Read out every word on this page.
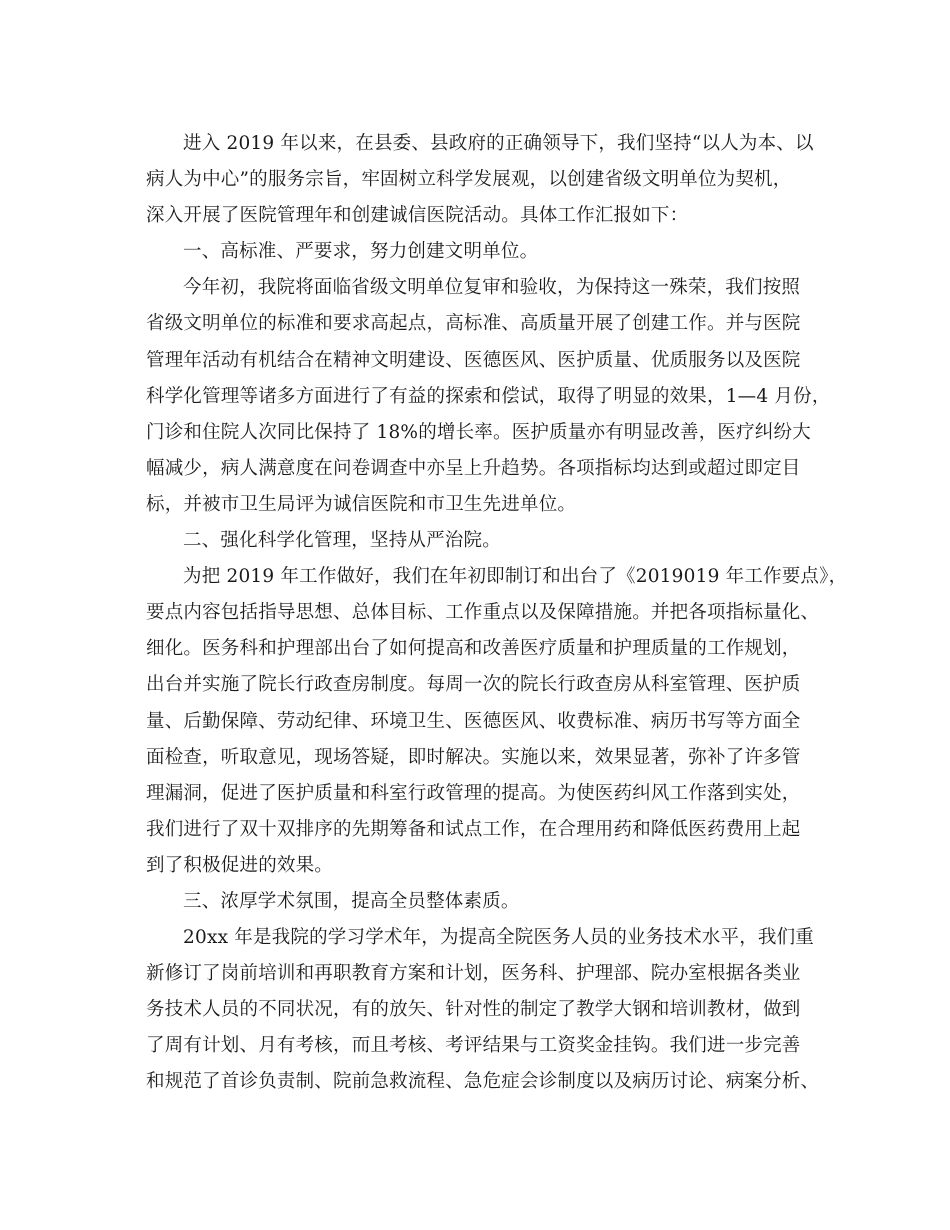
进入 2019 年以来，在县委、县政府的正确领导下，我们坚持“以人为本、以
病人为中心”的服务宗旨，牢固树立科学发展观，以创建省级文明单位为契机，
深入开展了医院管理年和创建诚信医院活动。具体工作汇报如下：
一、高标准、严要求，努力创建文明单位。
今年初，我院将面临省级文明单位复审和验收，为保持这一殊荣，我们按照
省级文明单位的标准和要求高起点，高标准、高质量开展了创建工作。并与医院
管理年活动有机结合在精神文明建设、医德医风、医护质量、优质服务以及医院
科学化管理等诸多方面进行了有益的探索和偿试，取得了明显的效果，1—4 月份，
门诊和住院人次同比保持了 18%的增长率。医护质量亦有明显改善，医疗纠纷大
幅减少，病人满意度在问卷调查中亦呈上升趋势。各项指标均达到或超过即定目
标，并被市卫生局评为诚信医院和市卫生先进单位。
二、强化科学化管理，坚持从严治院。
为把 2019 年工作做好，我们在年初即制订和出台了《2019019 年工作要点》，
要点内容包括指导思想、总体目标、工作重点以及保障措施。并把各项指标量化、
细化。医务科和护理部出台了如何提高和改善医疗质量和护理质量的工作规划，
出台并实施了院长行政查房制度。每周一次的院长行政查房从科室管理、医护质
量、后勤保障、劳动纪律、环境卫生、医德医风、收费标准、病历书写等方面全
面检查，听取意见，现场答疑，即时解决。实施以来，效果显著，弥补了许多管
理漏洞，促进了医护质量和科室行政管理的提高。为使医药纠风工作落到实处，
我们进行了双十双排序的先期筹备和试点工作，在合理用药和降低医药费用上起
到了积极促进的效果。
三、浓厚学术氛围，提高全员整体素质。
20xx 年是我院的学习学术年，为提高全院医务人员的业务技术水平，我们重
新修订了岗前培训和再职教育方案和计划，医务科、护理部、院办室根据各类业
务技术人员的不同状况，有的放矢、针对性的制定了教学大钢和培训教材，做到
了周有计划、月有考核，而且考核、考评结果与工资奖金挂钩。我们进一步完善
和规范了首诊负责制、院前急救流程、急危症会诊制度以及病历讨论、病案分析、
